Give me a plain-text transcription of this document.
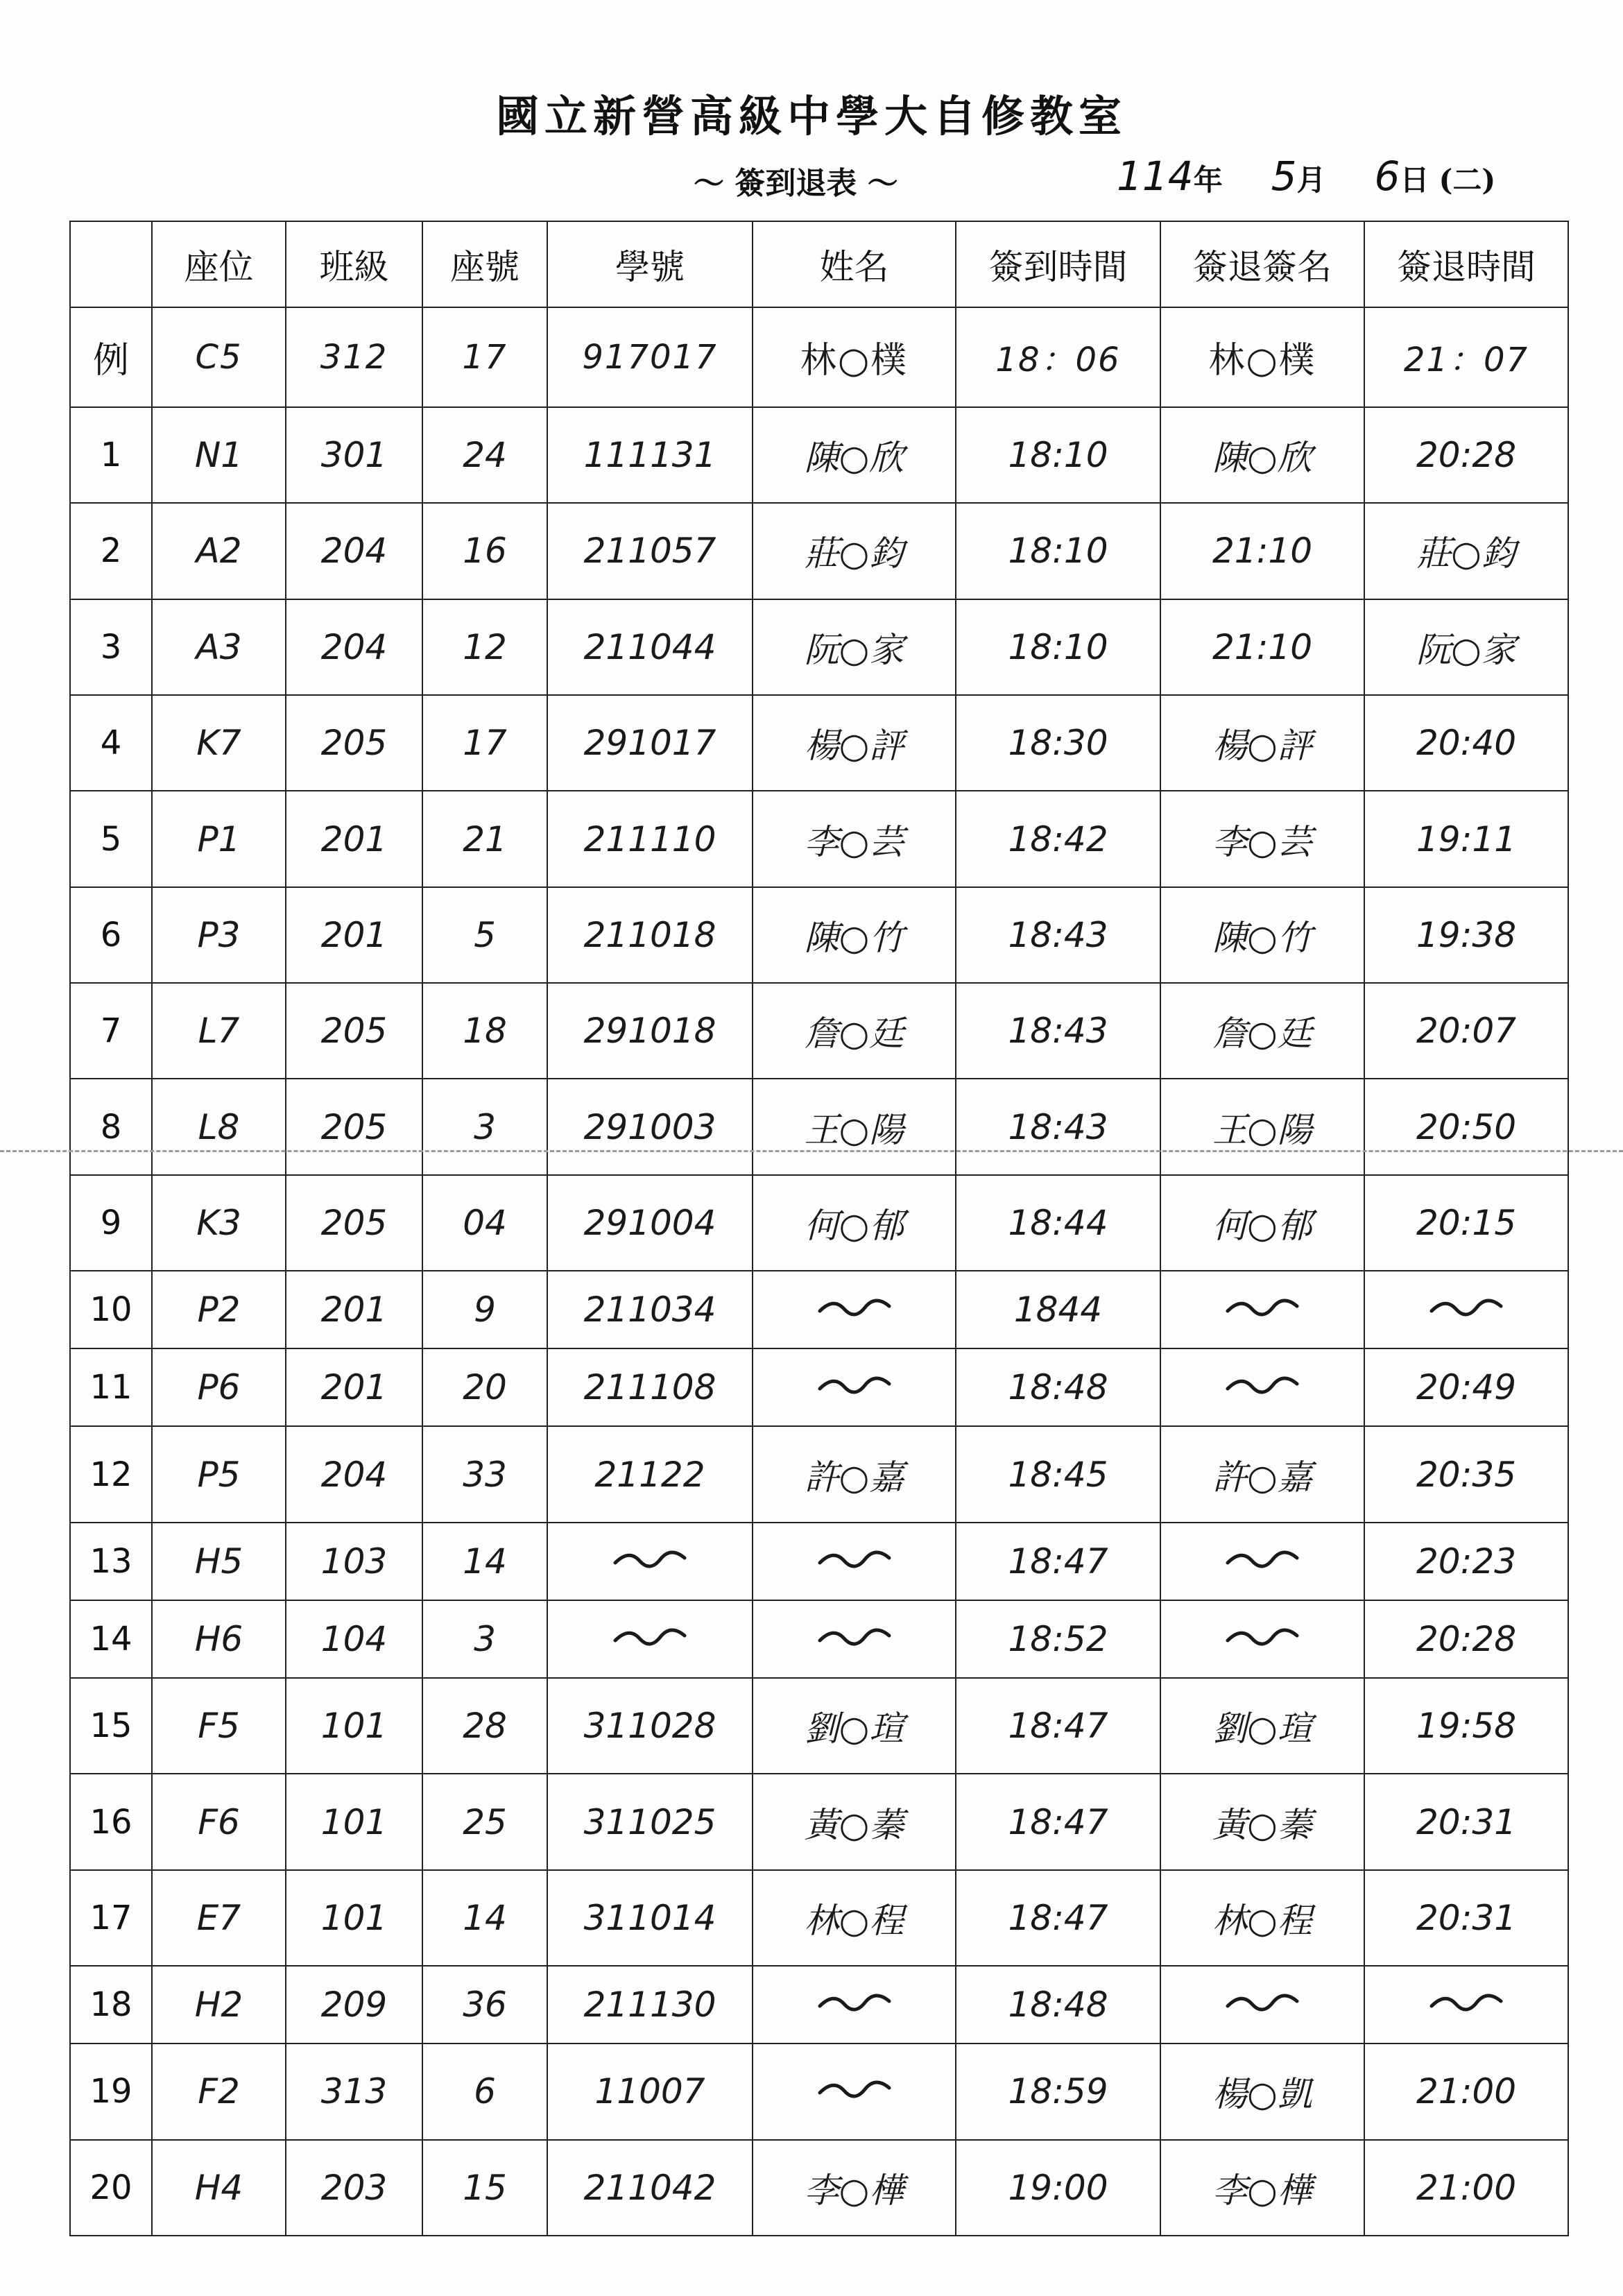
國立新營高級中學大自修教室
～ 簽到退表 ～	114年 5月 6日 (二)
	座位	班級	座號	學號	姓名	簽到時間	簽退簽名	簽退時間
例	C5	312	17	917017	林○樸	18：06	林○樸	21：07
1	N1	301	24	111131	陳○欣	18:10	陳○欣	20:28
2	A2	204	16	211057	莊○鈞	18:10	21:10	莊○鈞
3	A3	204	12	211044	阮○家	18:10	21:10	阮○家
4	K7	205	17	291017	楊○評	18:30	楊○評	20:40
5	P1	201	21	211110	李○芸	18:42	李○芸	19:11
6	P3	201	5	211018	陳○竹	18:43	陳○竹	19:38
7	L7	205	18	291018	詹○廷	18:43	詹○廷	20:07
8	L8	205	3	291003	王○陽	18:43	王○陽	20:50
9	K3	205	04	291004	何○郁	18:44	何○郁	20:15
10	P2	201	9	211034		1844		
11	P6	201	20	211108		18:48		20:49
12	P5	204	33	21122	許○嘉	18:45	許○嘉	20:35
13	H5	103	14			18:47		20:23
14	H6	104	3			18:52		20:28
15	F5	101	28	311028	劉○瑄	18:47	劉○瑄	19:58
16	F6	101	25	311025	黃○蓁	18:47	黃○蓁	20:31
17	E7	101	14	311014	林○程	18:47	林○程	20:31
18	H2	209	36	211130		18:48		
19	F2	313	6	11007		18:59	楊○凱	21:00
20	H4	203	15	211042	李○樺	19:00	李○樺	21:00
